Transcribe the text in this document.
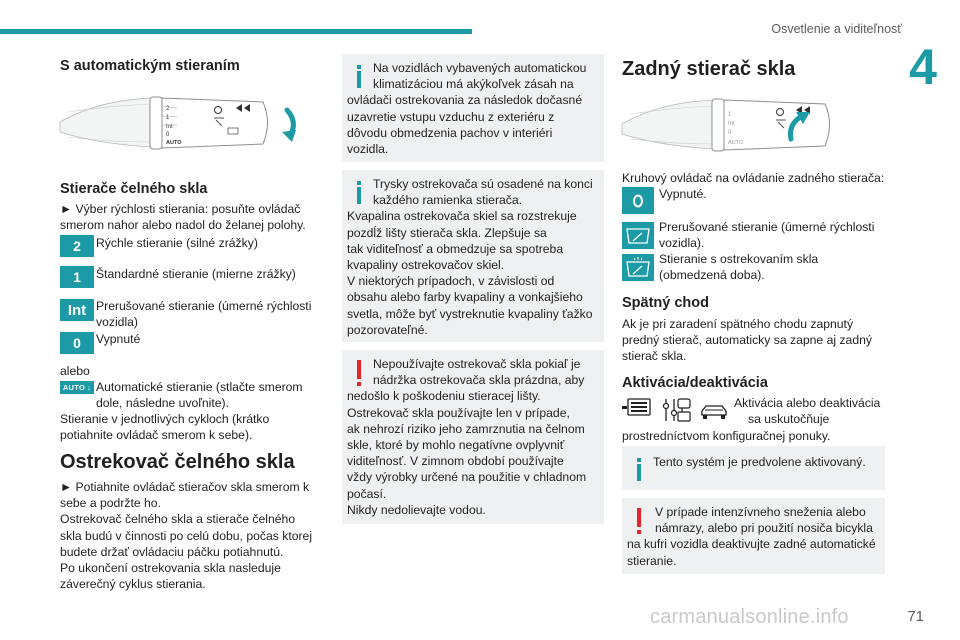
Osvetlenie a viditeľnosť
4
S automatickým stieraním
2
1
Int
0
AUTO
Stierače čelného skla
► Výber rýchlosti stierania: posuňte ovládač
smerom nahor alebo nadol do želanej polohy.
2	Rýchle stieranie (silné zrážky)
1	Štandardné stieranie (mierne zrážky)
Int Prerušované stieranie (úmerné rýchlosti
vozidla)
0	Vypnuté
alebo
AUTO ↓ Automatické stieranie (stlačte smerom
dole, následne uvoľnite).
Stieranie v jednotlivých cykloch (krátko
potiahnite ovládač smerom k sebe).
Ostrekovač čelného skla
► Potiahnite ovládač stieračov skla smerom k
sebe a podržte ho.
Ostrekovač čelného skla a stierače čelného
skla budú v činnosti po celú dobu, počas ktorej
budete držať ovládaciu páčku potiahnutú.
Po ukončení ostrekovania skla nasleduje
záverečný cyklus stierania.
Na vozidlách vybavených automatickou
klimatizáciou má akýkoľvek zásah na
ovládači ostrekovania za následok dočasné
uzavretie vstupu vzduchu z exteriéru z
dôvodu obmedzenia pachov v interiéri
vozidla.
Trysky ostrekovača sú osadené na konci
každého ramienka stierača.
Kvapalina ostrekovača skiel sa rozstrekuje
pozdĺž lišty stierača skla. Zlepšuje sa
tak viditeľnosť a obmedzuje sa spotreba
kvapaliny ostrekovačov skiel.
V niektorých prípadoch, v závislosti od
obsahu alebo farby kvapaliny a vonkajšieho
svetla, môže byť vystreknutie kvapaliny ťažko
pozorovateľné.
Nepoužívajte ostrekovač skla pokiaľ je
nádržka ostrekovača skla prázdna, aby
nedošlo k poškodeniu stieracej lišty.
Ostrekovač skla používajte len v prípade,
ak nehrozí riziko jeho zamrznutia na čelnom
skle, ktoré by mohlo negatívne ovplyvniť
viditeľnosť. V zimnom období používajte
vždy výrobky určené na použitie v chladnom
počasí.
Nikdy nedolievajte vodou.
Zadný stierač skla
1
Int
0
AUTO
Kruhový ovládač na ovládanie zadného stierača:
Vypnuté.
Prerušované stieranie (úmerné rýchlosti
vozidla).
Stieranie s ostrekovaním skla
(obmedzená doba).
Spätný chod
Ak je pri zaradení spätného chodu zapnutý
predný stierač, automaticky sa zapne aj zadný
stierač skla.
Aktivácia/deaktivácia
Aktivácia alebo deaktivácia
sa uskutočňuje
prostredníctvom konfiguračnej ponuky.
Tento systém je predvolene aktivovaný.
V prípade intenzívneho sneženia alebo
námrazy, alebo pri použití nosiča bicykla
na kufri vozidla deaktivujte zadné automatické
stieranie.
carmanualsonline.info	71
